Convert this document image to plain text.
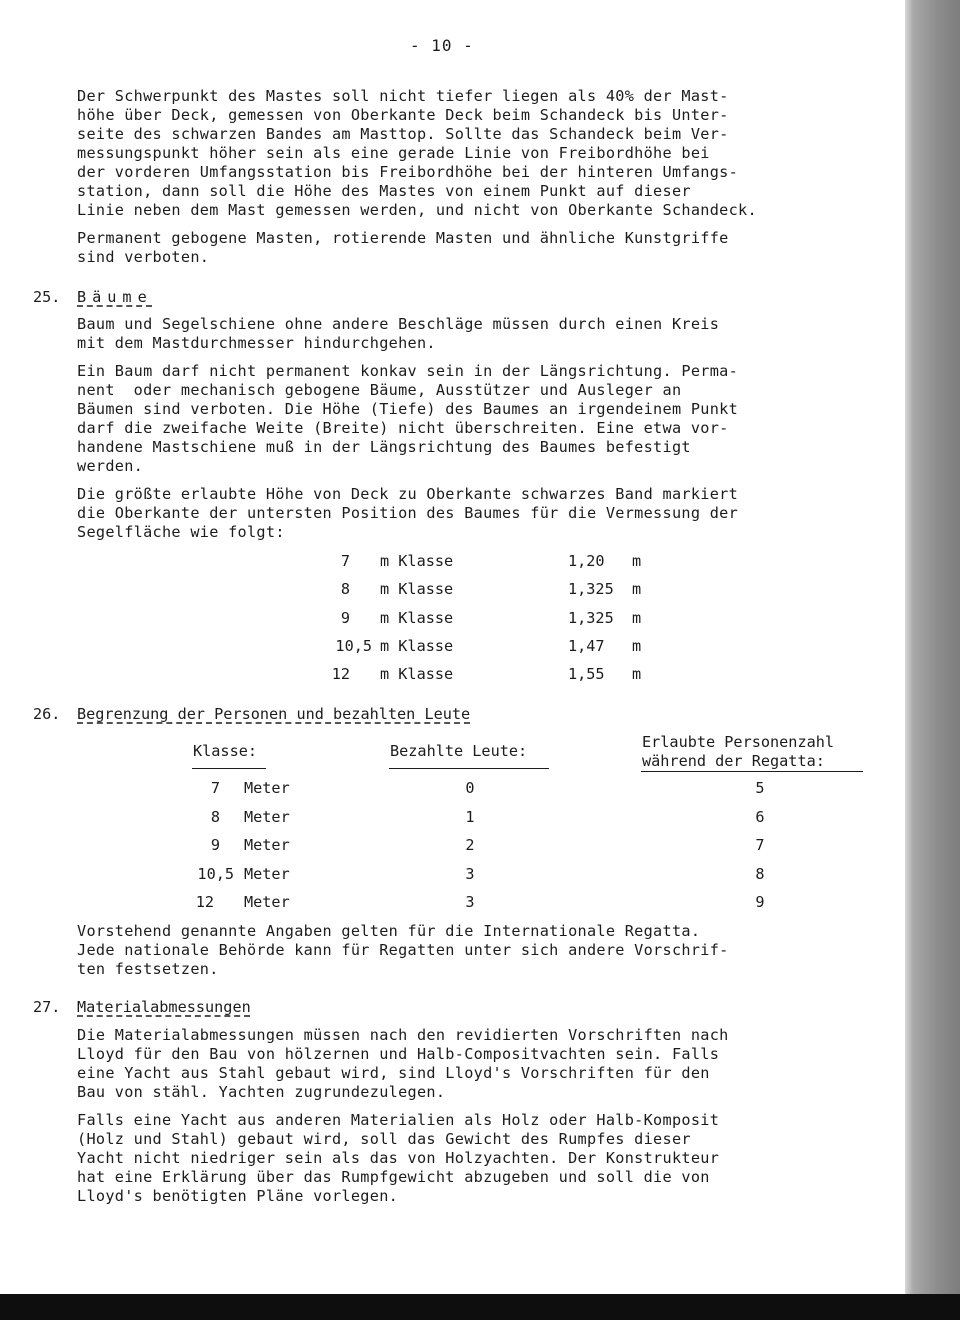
- 10 -
Der Schwerpunkt des Mastes soll nicht tiefer liegen als 40% der Mast-
höhe über Deck, gemessen von Oberkante Deck beim Schandeck bis Unter-
seite des schwarzen Bandes am Masttop. Sollte das Schandeck beim Ver-
messungspunkt höher sein als eine gerade Linie von Freibordhöhe bei
der vorderen Umfangsstation bis Freibordhöhe bei der hinteren Umfangs-
station, dann soll die Höhe des Mastes von einem Punkt auf dieser
Linie neben dem Mast gemessen werden, und nicht von Oberkante Schandeck.
Permanent gebogene Masten, rotierende Masten und ähnliche Kunstgriffe
sind verboten.
25. Bäume
Baum und Segelschiene ohne andere Beschläge müssen durch einen Kreis
mit dem Mastdurchmesser hindurchgehen.
Ein Baum darf nicht permanent konkav sein in der Längsrichtung. Perma-
nent  oder mechanisch gebogene Bäume, Ausstützer und Ausleger an
Bäumen sind verboten. Die Höhe (Tiefe) des Baumes an irgendeinem Punkt
darf die zweifache Weite (Breite) nicht überschreiten. Eine etwa vor-
handene Mastschiene muß in der Längsrichtung des Baumes befestigt
werden.
Die größte erlaubte Höhe von Deck zu Oberkante schwarzes Band markiert
die Oberkante der untersten Position des Baumes für die Vermessung der
Segelfläche wie folgt:
7 m Klasse	1,20 m
8 m Klasse	1,325 m
9 m Klasse	1,325 m
10,5 m Klasse	1,47 m
12 m Klasse	1,55 m
26. Begrenzung der Personen und bezahlten Leute
Klasse:	Bezahlte Leute:	Erlaubte Personenzahl
während der Regatta:
7 Meter	0	5
8 Meter	1	6
9 Meter	2	7
10,5 Meter	3	8
12 Meter	3	9
Vorstehend genannte Angaben gelten für die Internationale Regatta.
Jede nationale Behörde kann für Regatten unter sich andere Vorschrif-
ten festsetzen.
27. Materialabmessungen
Die Materialabmessungen müssen nach den revidierten Vorschriften nach
Lloyd für den Bau von hölzernen und Halb-Compositvachten sein. Falls
eine Yacht aus Stahl gebaut wird, sind Lloyd's Vorschriften für den
Bau von stähl. Yachten zugrundezulegen.
Falls eine Yacht aus anderen Materialien als Holz oder Halb-Komposit
(Holz und Stahl) gebaut wird, soll das Gewicht des Rumpfes dieser
Yacht nicht niedriger sein als das von Holzyachten. Der Konstrukteur
hat eine Erklärung über das Rumpfgewicht abzugeben und soll die von
Lloyd's benötigten Pläne vorlegen.
